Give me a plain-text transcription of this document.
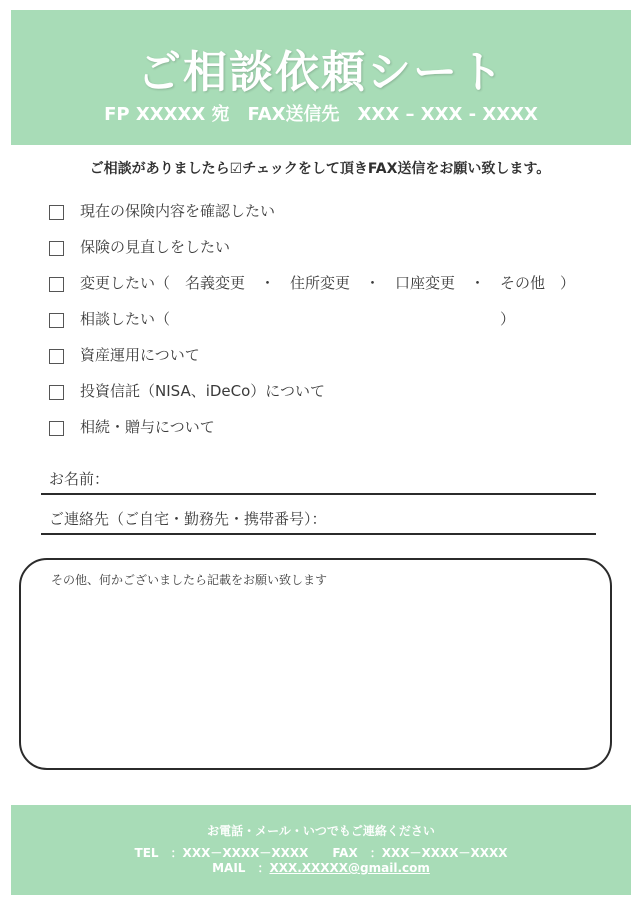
ご相談依頼シート
FP XXXXX 宛　FAX送信先　XXX – XXX - XXXX
ご相談がありましたら☑チェックをして頂きFAX送信をお願い致します。
現在の保険内容を確認したい
保険の見直しをしたい
変更したい（　名義変更　・　住所変更　・　口座変更　・　その他　）
相談したい（　　　　　　　　　　　　　　　　　　　　　　）
資産運用について
投資信託（NISA、iDeCo）について
相続・贈与について
お名前：
ご連絡先（ご自宅・勤務先・携帯番号）：
その他、何かございましたら記載をお願い致します
お電話・メール・いつでもご連絡ください
TEL　：XXX－XXXX－XXXX　　FAX　：XXX－XXXX－XXXX
MAIL　：XXX.XXXXX@gmail.com
